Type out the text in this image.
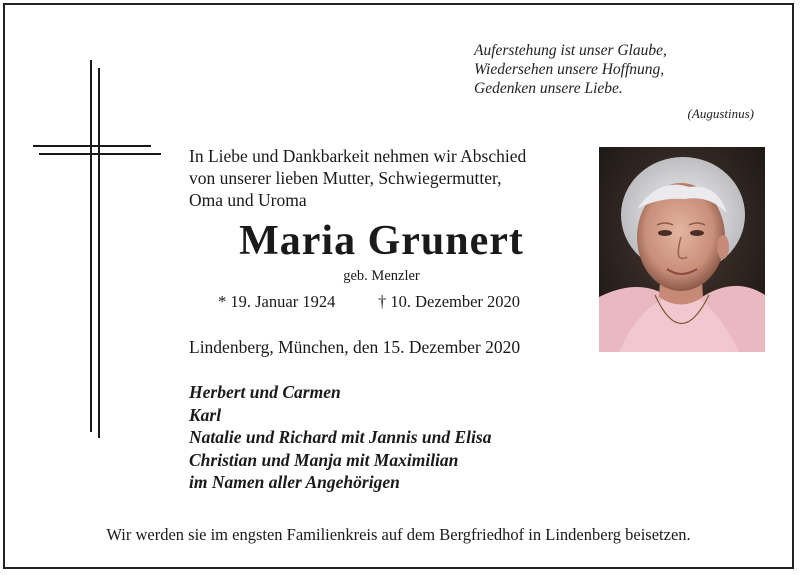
Auferstehung ist unser Glaube,
Wiedersehen unsere Hoffnung,
Gedenken unsere Liebe.
(Augustinus)
In Liebe und Dankbarkeit nehmen wir Abschied
von unserer lieben Mutter, Schwiegermutter,
Oma und Uroma
Maria Grunert
geb. Menzler
* 19. Januar 1924	† 10. Dezember 2020
Lindenberg, München, den 15. Dezember 2020
Herbert und Carmen
Karl
Natalie und Richard mit Jannis und Elisa
Christian und Manja mit Maximilian
im Namen aller Angehörigen
Wir werden sie im engsten Familienkreis auf dem Bergfriedhof in Lindenberg beisetzen.
